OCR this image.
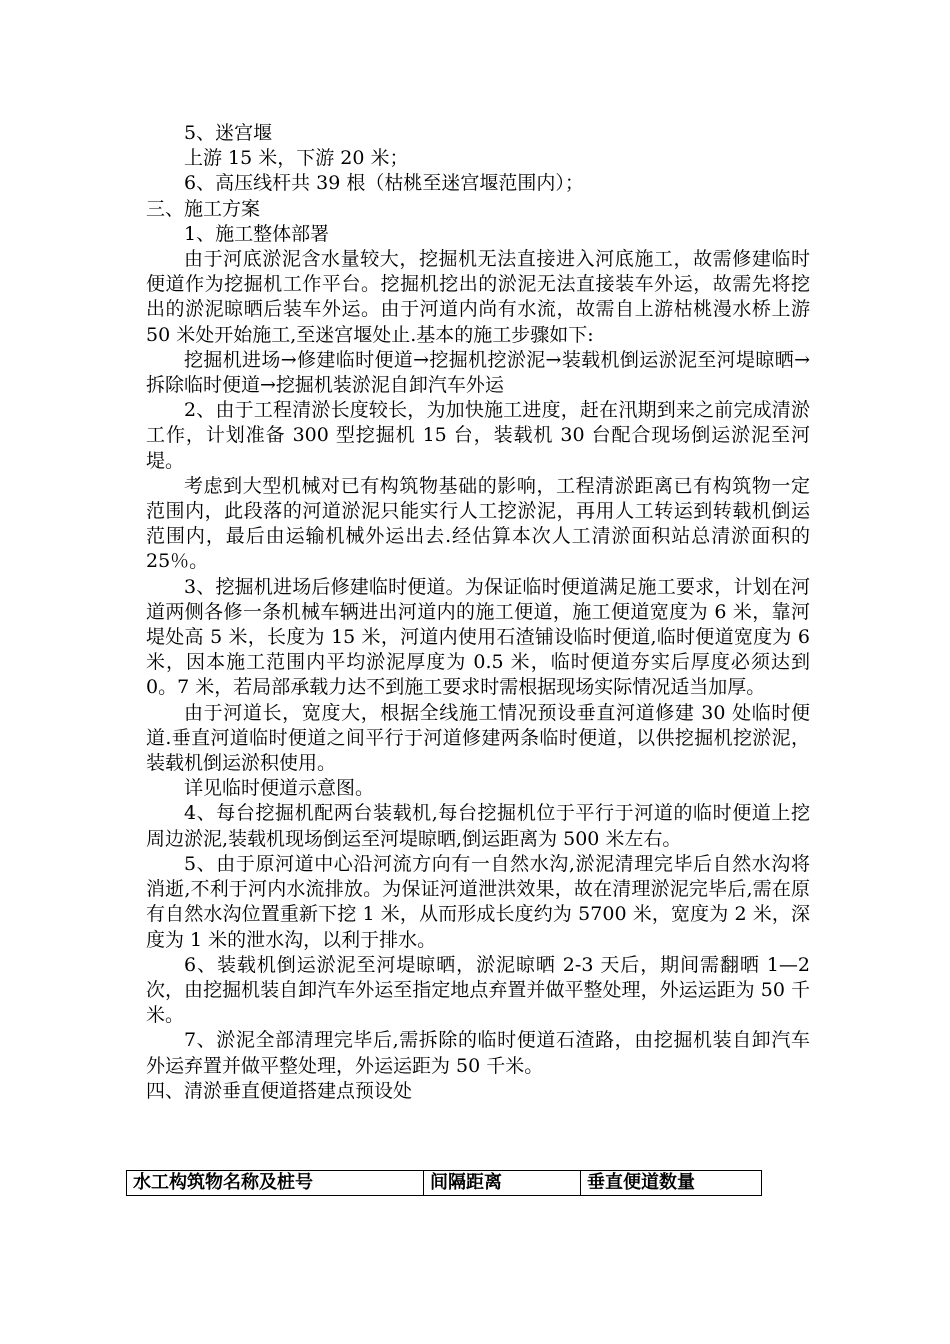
5、迷宫堰

上游 15 米，下游 20 米；

6、高压线杆共 39 根（枯桃至迷宫堰范围内）；

三、施工方案

1、施工整体部署

由于河底淤泥含水量较大，挖掘机无法直接进入河底施工，故需修建临时便道作为挖掘机工作平台。挖掘机挖出的淤泥无法直接装车外运，故需先将挖出的淤泥晾晒后装车外运。由于河道内尚有水流，故需自上游枯桃漫水桥上游 50 米处开始施工,至迷宫堰处止.基本的施工步骤如下:

挖掘机进场→修建临时便道→挖掘机挖淤泥→装载机倒运淤泥至河堤晾晒→拆除临时便道→挖掘机装淤泥自卸汽车外运

2、由于工程清淤长度较长，为加快施工进度，赶在汛期到来之前完成清淤工作，计划准备 300 型挖掘机 15 台，装载机 30 台配合现场倒运淤泥至河堤。

考虑到大型机械对已有构筑物基础的影响，工程清淤距离已有构筑物一定范围内，此段落的河道淤泥只能实行人工挖淤泥，再用人工转运到转载机倒运范围内，最后由运输机械外运出去.经估算本次人工清淤面积站总清淤面积的 25％。

3、挖掘机进场后修建临时便道。为保证临时便道满足施工要求，计划在河道两侧各修一条机械车辆进出河道内的施工便道，施工便道宽度为 6 米，靠河堤处高 5 米，长度为 15 米，河道内使用石渣铺设临时便道,临时便道宽度为 6 米，因本施工范围内平均淤泥厚度为 0.5 米，临时便道夯实后厚度必须达到 0。7 米，若局部承载力达不到施工要求时需根据现场实际情况适当加厚。

由于河道长，宽度大，根据全线施工情况预设垂直河道修建 30 处临时便道.垂直河道临时便道之间平行于河道修建两条临时便道，以供挖掘机挖淤泥，装载机倒运淤积使用。

详见临时便道示意图。

4、每台挖掘机配两台装载机,每台挖掘机位于平行于河道的临时便道上挖周边淤泥,装载机现场倒运至河堤晾晒,倒运距离为 500 米左右。

5、由于原河道中心沿河流方向有一自然水沟,淤泥清理完毕后自然水沟将消逝,不利于河内水流排放。为保证河道泄洪效果，故在清理淤泥完毕后,需在原有自然水沟位置重新下挖 1 米，从而形成长度约为 5700 米，宽度为 2 米，深度为 1 米的泄水沟，以利于排水。

6、装载机倒运淤泥至河堤晾晒，淤泥晾晒 2-3 天后，期间需翻晒 1—2 次，由挖掘机装自卸汽车外运至指定地点弃置并做平整处理，外运运距为 50 千米。

7、淤泥全部清理完毕后,需拆除的临时便道石渣路，由挖掘机装自卸汽车外运弃置并做平整处理，外运运距为 50 千米。

四、清淤垂直便道搭建点预设处

水工构筑物名称及桩号	间隔距离	垂直便道数量
